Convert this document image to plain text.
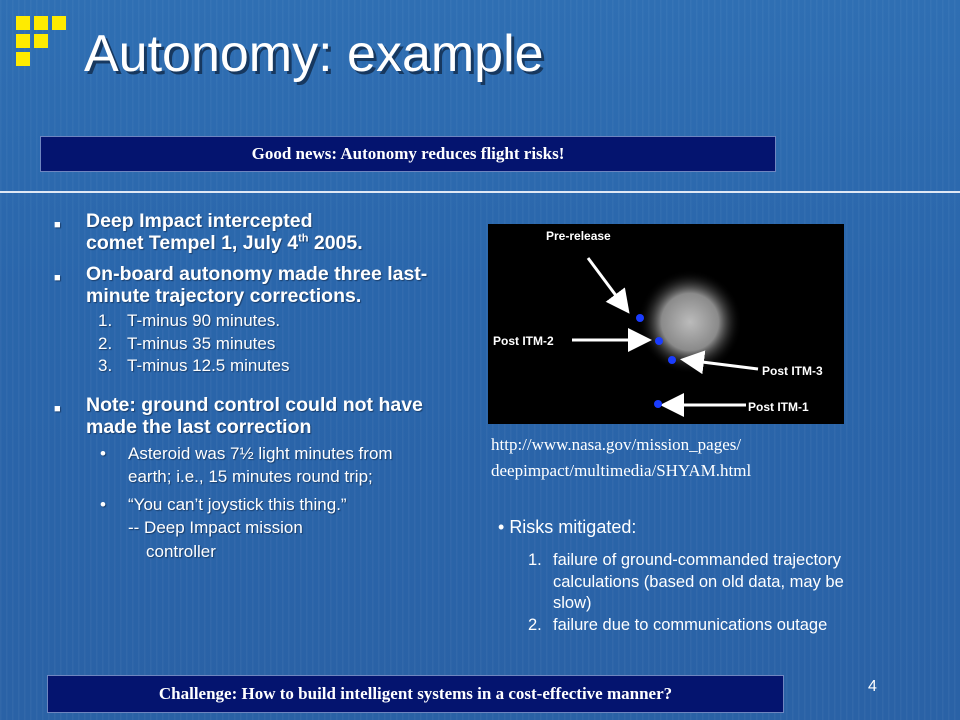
Autonomy: example
Good news: Autonomy reduces flight risks!
■ Deep Impact intercepted
comet Tempel 1, July 4th 2005.
■ On-board autonomy made three last-minute trajectory corrections.
1. T-minus 90 minutes.
2. T-minus 35 minutes
3. T-minus 12.5 minutes
■ Note: ground control could not have made the last correction
• Asteroid was 7½ light minutes from earth; i.e., 15 minutes round trip;
• “You can’t joystick this thing.”
-- Deep Impact mission
controller
Pre-release
Post ITM-2
Post ITM-3
Post ITM-1
http://www.nasa.gov/mission_pages/
deepimpact/multimedia/SHYAM.html
• Risks mitigated:
1. failure of ground-commanded trajectory calculations (based on old data, may be slow)
2. failure due to communications outage
Challenge: How to build intelligent systems in a cost-effective manner?	4
